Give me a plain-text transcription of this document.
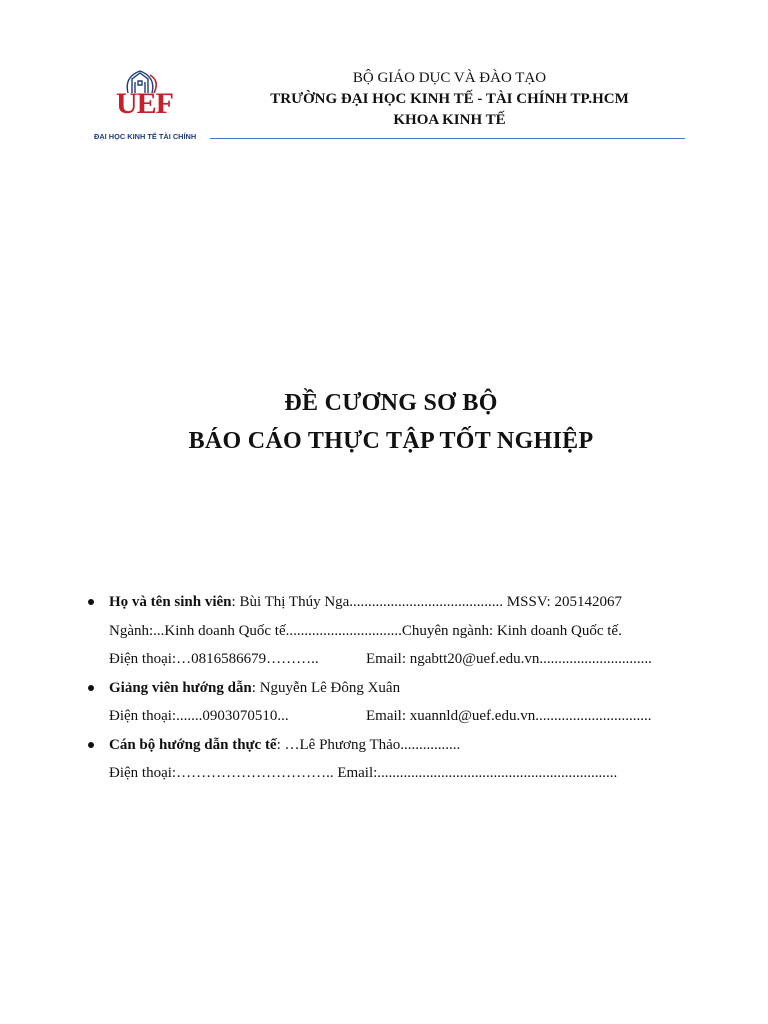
UEF
ĐẠI HỌC KINH TẾ TÀI CHÍNH
BỘ GIÁO DỤC VÀ ĐÀO TẠO
TRƯỜNG ĐẠI HỌC KINH TẾ - TÀI CHÍNH TP.HCM
KHOA KINH TẾ
ĐỀ CƯƠNG SƠ BỘ
BÁO CÁO THỰC TẬP TỐT NGHIỆP
Họ và tên sinh viên: Bùi Thị Thúy Nga......................................... MSSV: 205142067
Ngành:...Kinh doanh Quốc tế...............................Chuyên ngành: Kinh doanh Quốc tế.
Điện thoại:…0816586679………..	Email: ngabtt20@uef.edu.vn..............................
Giảng viên hướng dẫn: Nguyễn Lê Đông Xuân
Điện thoại:.......0903070510...	Email: xuannld@uef.edu.vn...............................
Cán bộ hướng dẫn thực tế: …Lê Phương Thảo................
Điện thoại:………………………….. Email:................................................................
